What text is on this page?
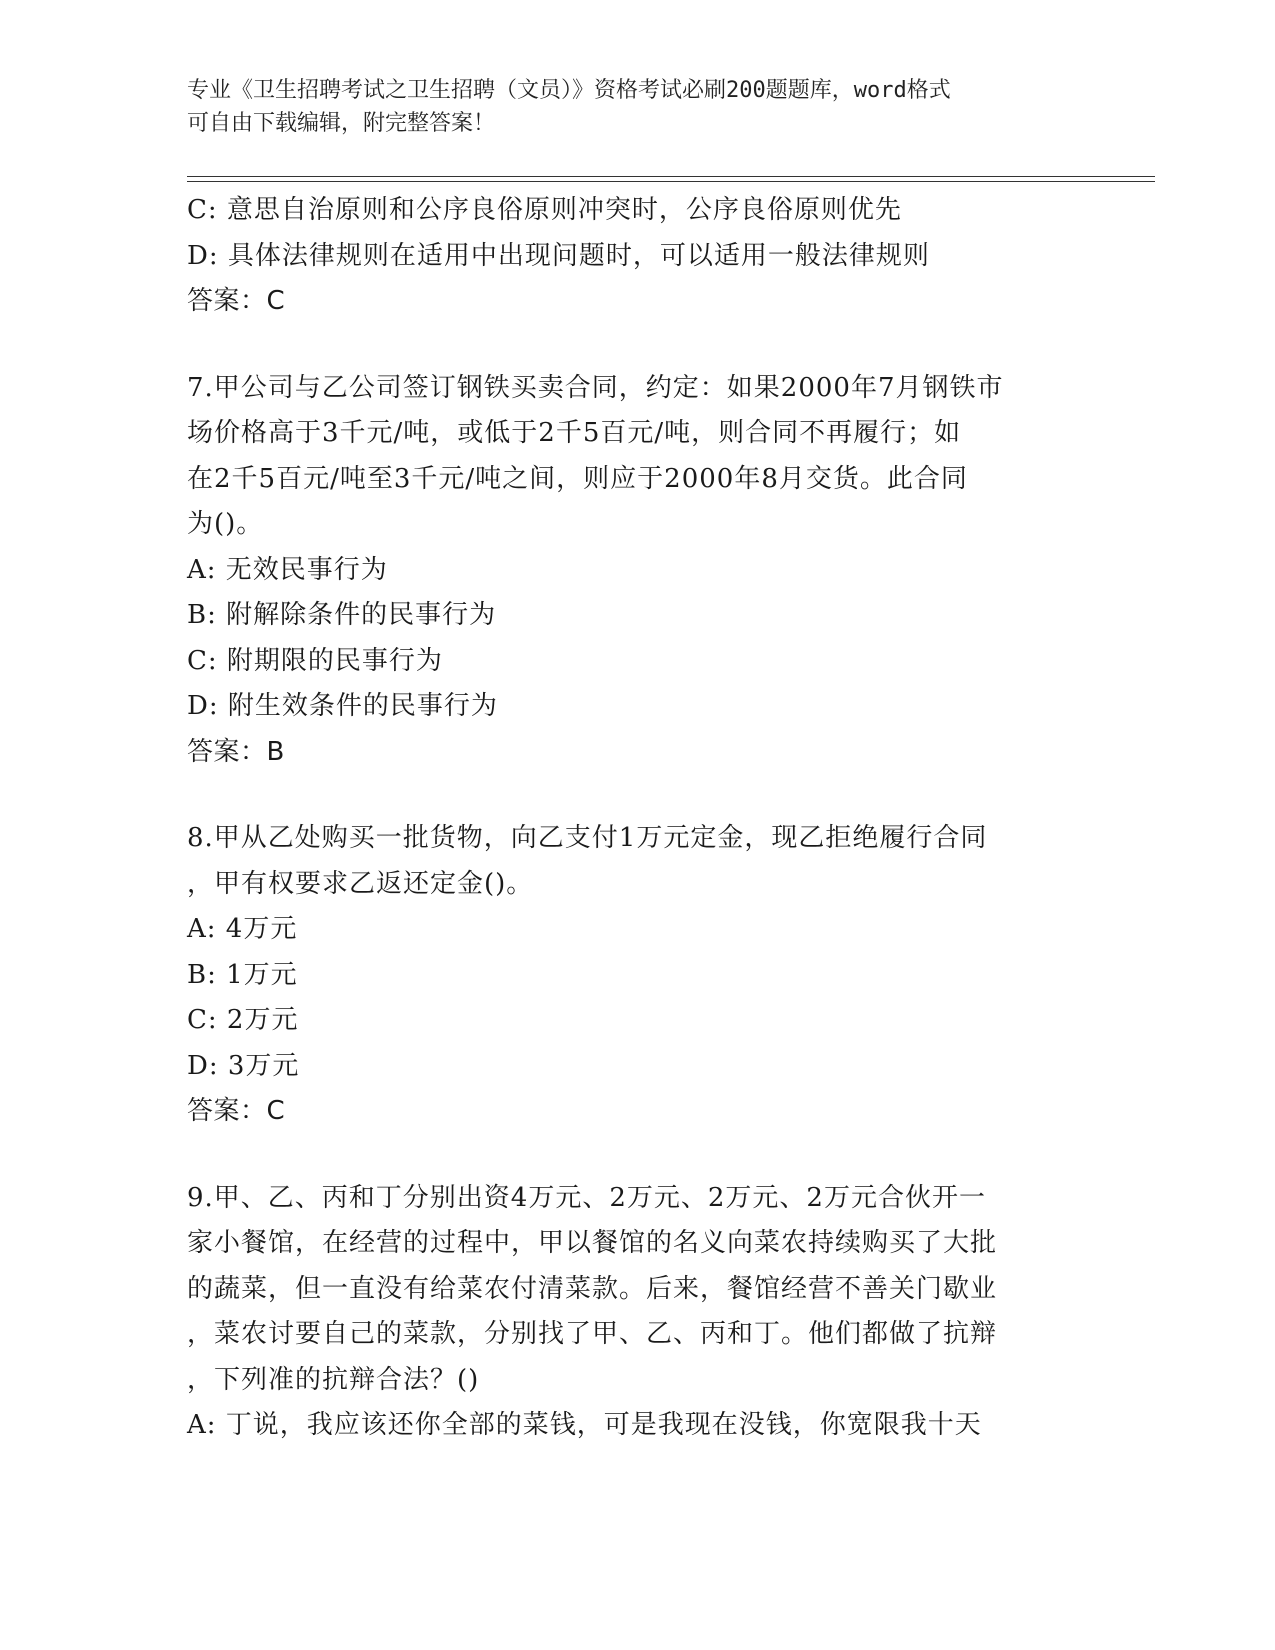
专业《卫生招聘考试之卫生招聘（文员）》资格考试必刷200题题库，word格式
可自由下载编辑，附完整答案！
C: 意思自治原则和公序良俗原则冲突时，公序良俗原则优先
D: 具体法律规则在适用中出现问题时，可以适用一般法律规则
答案：C
7.甲公司与乙公司签订钢铁买卖合同，约定：如果2000年7月钢铁市
场价格高于3千元/吨，或低于2千5百元/吨，则合同不再履行；如
在2千5百元/吨至3千元/吨之间，则应于2000年8月交货。此合同
为()。
A: 无效民事行为
B: 附解除条件的民事行为
C: 附期限的民事行为
D: 附生效条件的民事行为
答案：B
8.甲从乙处购买一批货物，向乙支付1万元定金，现乙拒绝履行合同
，甲有权要求乙返还定金()。
A: 4万元
B: 1万元
C: 2万元
D: 3万元
答案：C
9.甲、乙、丙和丁分别出资4万元、2万元、2万元、2万元合伙开一
家小餐馆，在经营的过程中，甲以餐馆的名义向菜农持续购买了大批
的蔬菜，但一直没有给菜农付清菜款。后来，餐馆经营不善关门歇业
，菜农讨要自己的菜款，分别找了甲、乙、丙和丁。他们都做了抗辩
，下列准的抗辩合法？()
A: 丁说，我应该还你全部的菜钱，可是我现在没钱，你宽限我十天
